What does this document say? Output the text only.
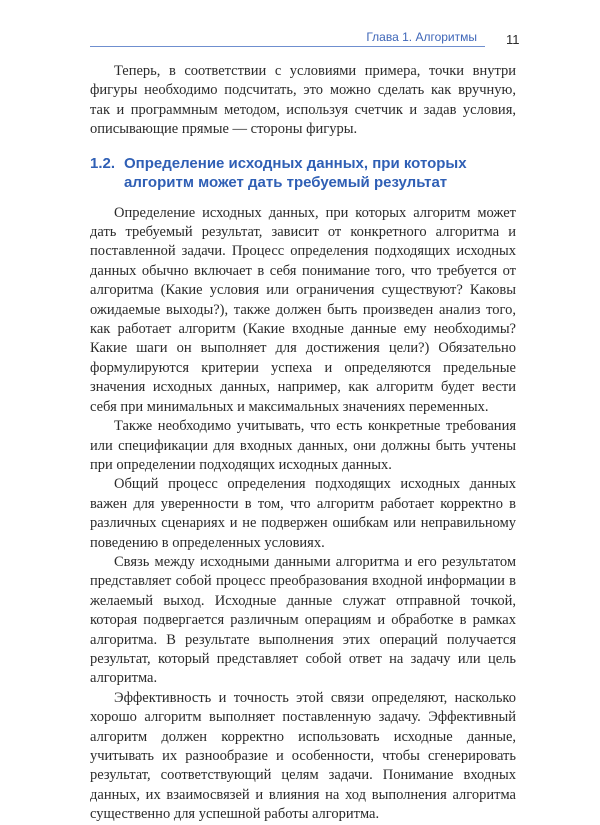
Глава 1. Алгоритмы 11

Теперь, в соответствии с условиями примера, точки внутри фигуры необходимо подсчитать, это можно сделать как вручную, так и программным методом, используя счетчик и задав условия, описывающие прямые — стороны фигуры.

1.2. Определение исходных данных, при которых алгоритм может дать требуемый результат

Определение исходных данных, при которых алгоритм может дать требуемый результат, зависит от конкретного алгоритма и поставленной задачи. Процесс определения подходящих исходных данных обычно включает в себя понимание того, что требуется от алгоритма (Какие условия или ограничения существуют? Каковы ожидаемые выходы?), также должен быть произведен анализ того, как работает алгоритм (Какие входные данные ему необходимы? Какие шаги он выполняет для достижения цели?) Обязательно формулируются критерии успеха и определяются предельные значения исходных данных, например, как алгоритм будет вести себя при минимальных и максимальных значениях переменных.

Также необходимо учитывать, что есть конкретные требования или спецификации для входных данных, они должны быть учтены при определении подходящих исходных данных.

Общий процесс определения подходящих исходных данных важен для уверенности в том, что алгоритм работает корректно в различных сценариях и не подвержен ошибкам или неправильному поведению в определенных условиях.

Связь между исходными данными алгоритма и его результатом представляет собой процесс преобразования входной информации в желаемый выход. Исходные данные служат отправной точкой, которая подвергается различным операциям и обработке в рамках алгоритма. В результате выполнения этих операций получается результат, который представляет собой ответ на задачу или цель алгоритма.

Эффективность и точность этой связи определяют, насколько хорошо алгоритм выполняет поставленную задачу. Эффективный алгоритм должен корректно использовать исходные данные, учитывать их разнообразие и особенности, чтобы сгенерировать результат, соответствующий целям задачи. Понимание входных данных, их взаимосвязей и влияния на ход выполнения алгоритма существенно для успешной работы алгоритма.
